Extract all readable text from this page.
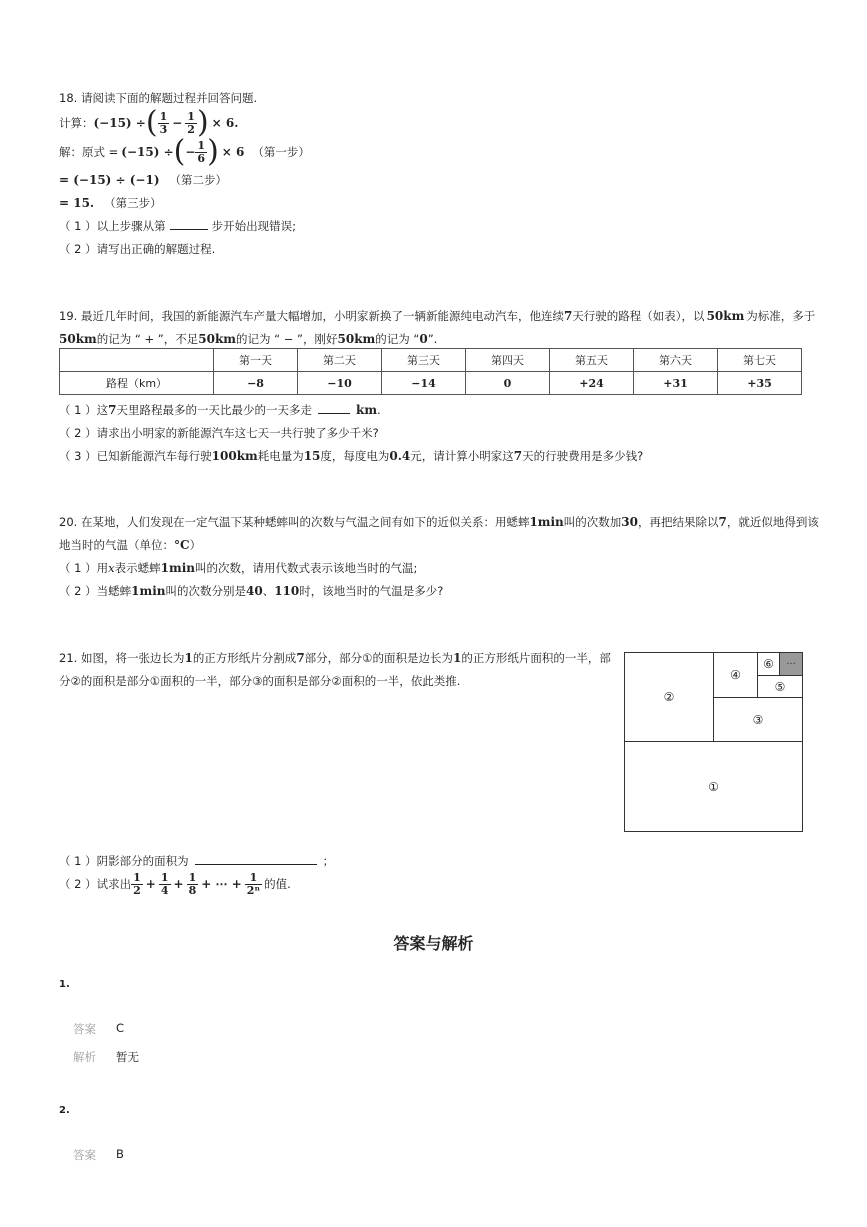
18. 请阅读下面的解题过程并回答问题.
计算： (−15) ÷ ( $\frac{1}{3} - \frac{1}{2}$ ) × 6.
解：原式 = (−15) ÷ ( − $\frac{1}{6}$ ) × 6 （第一步）
= (−15) ÷ (−1) （第二步）
= 15. （第三步）
（ 1 ）以上步骤从第	步开始出现错误;
（ 2 ）请写出正确的解题过程.
19. 最近几年时间，我国的新能源汽车产量大幅增加，小明家新换了一辆新能源纯电动汽车，他连续7天行驶的路程（如表），以 50km 为标准，多于
50km的记为 “ + ”，不足50km的记为 “ − ”，刚好50km的记为 “0”.
	第一天	第二天	第三天	第四天	第五天	第六天	第七天
路程（km）	−8	−10	−14	0	+24	+31	+35
（ 1 ）这7天里路程最多的一天比最少的一天多走	km.
（ 2 ）请求出小明家的新能源汽车这七天一共行驶了多少千米?
（ 3 ）已知新能源汽车每行驶100km耗电量为15度，每度电为0.4元，请计算小明家这7天的行驶费用是多少钱?
20. 在某地，人们发现在一定气温下某种蟋蟀叫的次数与气温之间有如下的近似关系：用蟋蟀1min叫的次数加30，再把结果除以7，就近似地得到该
地当时的气温（单位：°C）
（ 1 ）用x表示蟋蟀1min叫的次数，请用代数式表示该地当时的气温;
（ 2 ）当蟋蟀1min叫的次数分别是40、110时，该地当时的气温是多少?
21. 如图，将一张边长为1的正方形纸片分割成7部分，部分①的面积是边长为1的正方形纸片面积的一半，部
分②的面积是部分①面积的一半，部分③的面积是部分②面积的一半，依此类推.
①
②
③
④
⑤
⑥	···
（ 1 ）阴影部分的面积为	；
（ 2 ）试求出 $\frac{1}{2} + \frac{1}{4} + \frac{1}{8}$ + ⋯ + $\frac{1}{\text{2ⁿ}}$ 的值.
答案与解析
1.
答案 C
解析 暂无
2.
答案 B
